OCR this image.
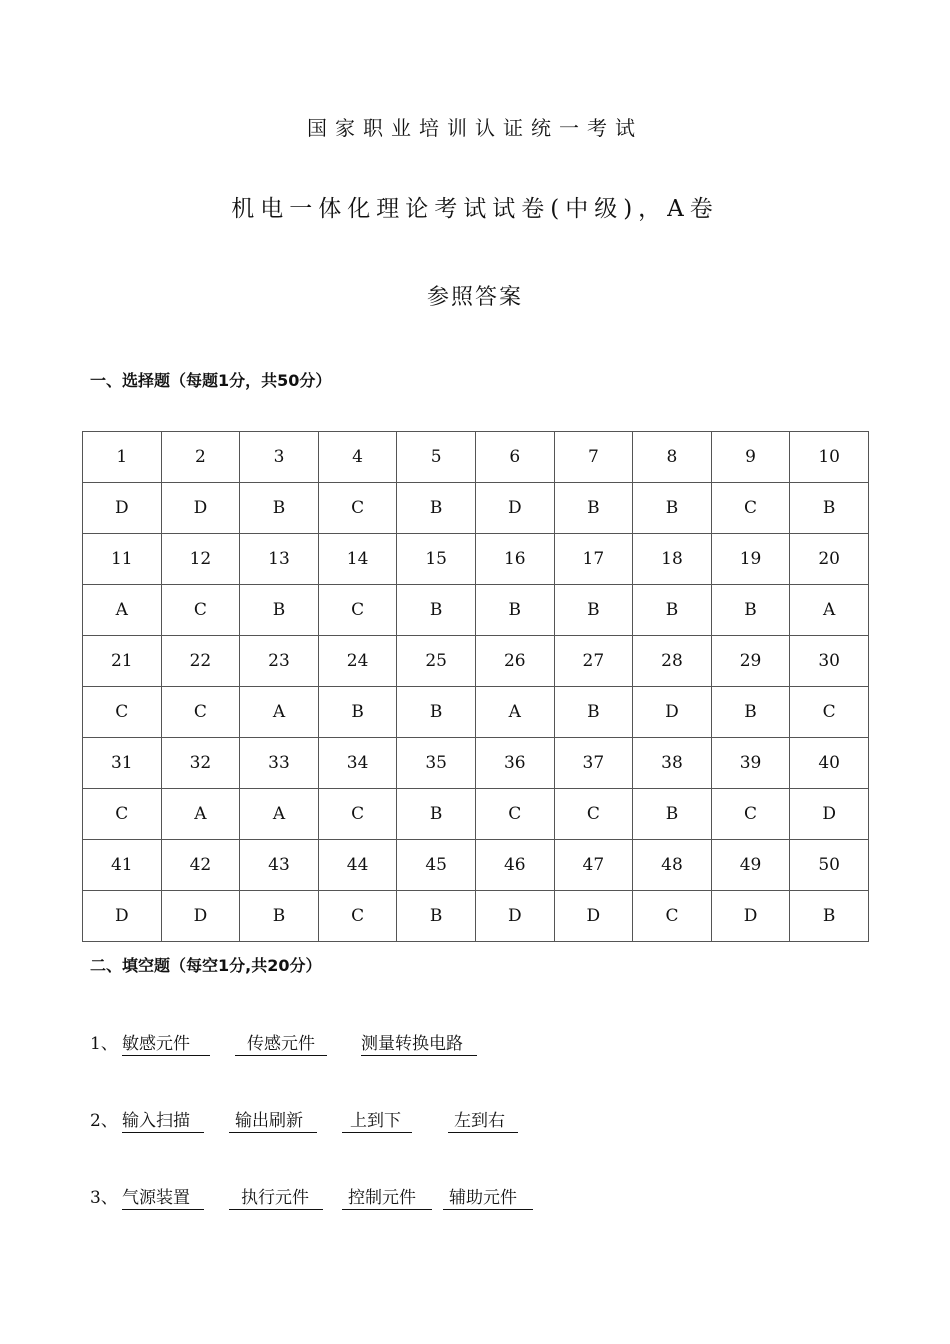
国家职业培训认证统一考试
机电一体化理论考试试卷(中级)，A卷
参照答案
一、选择题（每题1分，共50分）
1	2	3	4	5	6	7	8	9	10
D	D	B	C	B	D	B	B	C	B
11	12	13	14	15	16	17	18	19	20
A	C	B	C	B	B	B	B	B	A
21	22	23	24	25	26	27	28	29	30
C	C	A	B	B	A	B	D	B	C
31	32	33	34	35	36	37	38	39	40
C	A	A	C	B	C	C	B	C	D
41	42	43	44	45	46	47	48	49	50
D	D	B	C	B	D	D	C	D	B
二、填空题（每空1分,共20分）
1、 敏感元件	传感元件	测量转换电路
2、 输入扫描	输出刷新	上到下	左到右
3、 气源装置	执行元件	控制元件	辅助元件
